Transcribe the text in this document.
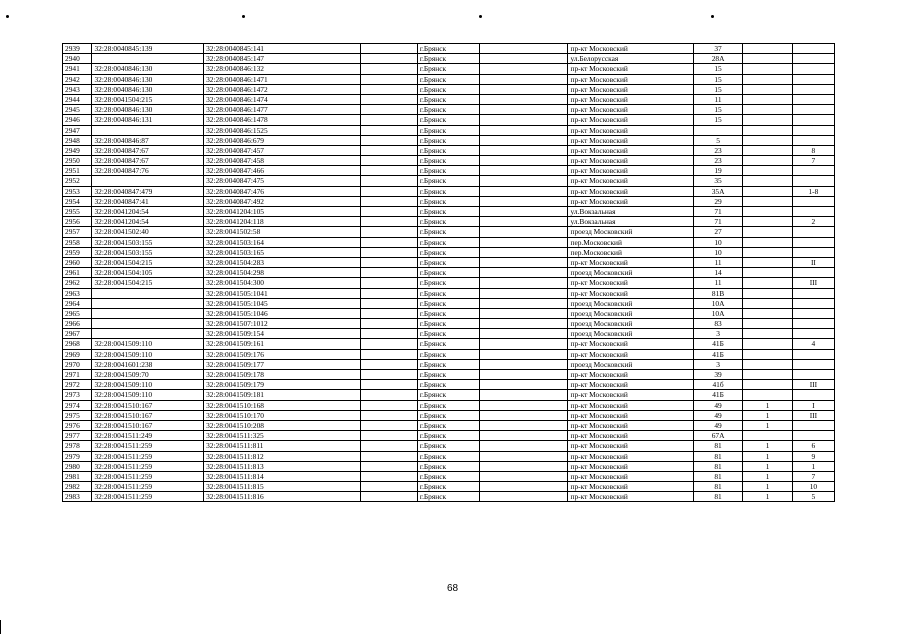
2939	32:28:0040845:139	32:28:0040845:141		г.Брянск		пр-кт Московский	37		
2940		32:28:0040845:147		г.Брянск		ул.Белорусская	28А		
2941	32:28:0040846:130	32:28:0040846:132		г.Брянск		пр-кт Московский	15		
2942	32:28:0040846:130	32:28:0040846:1471		г.Брянск		пр-кт Московский	15		
2943	32:28:0040846:130	32:28:0040846:1472		г.Брянск		пр-кт Московский	15		
2944	32:28:0041504:215	32:28:0040846:1474		г.Брянск		пр-кт Московский	11		
2945	32:28:0040846:130	32:28:0040846:1477		г.Брянск		пр-кт Московский	15		
2946	32:28:0040846:131	32:28:0040846:1478		г.Брянск		пр-кт Московский	15		
2947		32:28:0040846:1525		г.Брянск		пр-кт Московский			
2948	32:28:0040846:87	32:28:0040846:679		г.Брянск		пр-кт Московский	5		
2949	32:28:0040847:67	32:28:0040847:457		г.Брянск		пр-кт Московский	23		8
2950	32:28:0040847:67	32:28:0040847:458		г.Брянск		пр-кт Московский	23		7
2951	32:28:0040847:76	32:28:0040847:466		г.Брянск		пр-кт Московский	19		
2952		32:28:0040847:475		г.Брянск		пр-кт Московский	35		
2953	32:28:0040847:479	32:28:0040847:476		г.Брянск		пр-кт Московский	35А		1-8
2954	32:28:0040847:41	32:28:0040847:492		г.Брянск		пр-кт Московский	29		
2955	32:28:0041204:54	32:28:0041204:105		г.Брянск		ул.Вокзальная	71		
2956	32:28:0041204:54	32:28:0041204:118		г.Брянск		ул.Вокзальная	71		2
2957	32:28:0041502:40	32:28:0041502:58		г.Брянск		проезд Московский	27		
2958	32:28:0041503:155	32:28:0041503:164		г.Брянск		пер.Московский	10		
2959	32:28:0041503:155	32:28:0041503:165		г.Брянск		пер.Московский	10		
2960	32:28:0041504:215	32:28:0041504:283		г.Брянск		пр-кт Московский	11		II
2961	32:28:0041504:105	32:28:0041504:298		г.Брянск		проезд Московский	14		
2962	32:28:0041504:215	32:28:0041504:300		г.Брянск		пр-кт Московский	11		III
2963		32:28:0041505:1041		г.Брянск		пр-кт Московский	81В		
2964		32:28:0041505:1045		г.Брянск		проезд Московский	10А		
2965		32:28:0041505:1046		г.Брянск		проезд Московский	10А		
2966		32:28:0041507:1012		г.Брянск		проезд Московский	83		
2967		32:28:0041509:154		г.Брянск		проезд Московский	3		
2968	32:28:0041509:110	32:28:0041509:161		г.Брянск		пр-кт Московский	41Б		4
2969	32:28:0041509:110	32:28:0041509:176		г.Брянск		пр-кт Московский	41Б		
2970	32:28:0041601:238	32:28:0041509:177		г.Брянск		проезд Московский	3		
2971	32:28:0041509:70	32:28:0041509:178		г.Брянск		пр-кт Московский	39		
2972	32:28:0041509:110	32:28:0041509:179		г.Брянск		пр-кт Московский	41б		III
2973	32:28:0041509:110	32:28:0041509:181		г.Брянск		пр-кт Московский	41Б		
2974	32:28:0041510:167	32:28:0041510:168		г.Брянск		пр-кт Московский	49	1	I
2975	32:28:0041510:167	32:28:0041510:170		г.Брянск		пр-кт Московский	49	1	III
2976	32:28:0041510:167	32:28:0041510:208		г.Брянск		пр-кт Московский	49	1	
2977	32:28:0041511:249	32:28:0041511:325		г.Брянск		пр-кт Московский	67А		
2978	32:28:0041511:259	32:28:0041511:811		г.Брянск		пр-кт Московский	81	1	6
2979	32:28:0041511:259	32:28:0041511:812		г.Брянск		пр-кт Московский	81	1	9
2980	32:28:0041511:259	32:28:0041511:813		г.Брянск		пр-кт Московский	81	1	1
2981	32:28:0041511:259	32:28:0041511:814		г.Брянск		пр-кт Московский	81	1	7
2982	32:28:0041511:259	32:28:0041511:815		г.Брянск		пр-кт Московский	81	1	10
2983	32:28:0041511:259	32:28:0041511:816		г.Брянск		пр-кт Московский	81	1	5
68
